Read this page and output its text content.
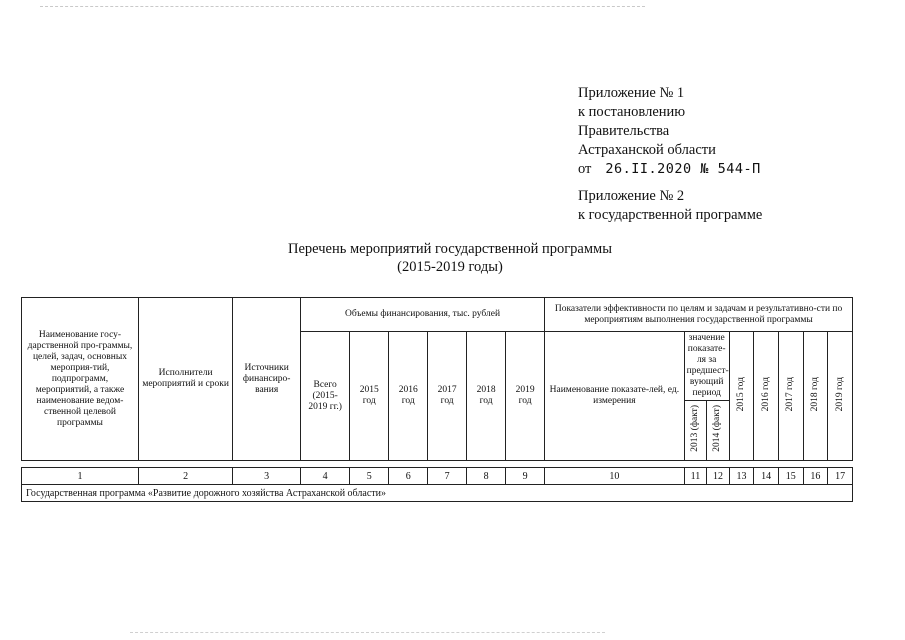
Приложение № 1
к постановлению
Правительства
Астраханской области
от 26.II.2020 № 544-П
Приложение № 2
к государственной программе
Перечень мероприятий государственной программы
(2015-2019 годы)
Наименование госу-дарственной про-граммы, целей, задач, основных мероприя-тий, подпрограмм, мероприятий, а также наименование ведом-ственной целевой программы	Исполнители мероприятий и сроки	Источники финансиро-вания	Объемы финансирования, тыс. рублей						Показатели эффективности по целям и задачам и результативно-сти по мероприятиям выполнения государственной программы							
			Всего (2015-2019 гг.)	2015 год	2016 год	2017 год	2018 год	2019 год	Наименование показате-лей, ед. измерения	значение показате-ля за предшест-вующий период		2015 год	2016 год	2017 год	2018 год	2019 год
										2013 (факт)	2014 (факт)					

1	2	3	4	5	6	7	8	9	10	11	12	13	14	15	16	17
Государственная программа «Развитие дорожного хозяйства Астраханской области»																
